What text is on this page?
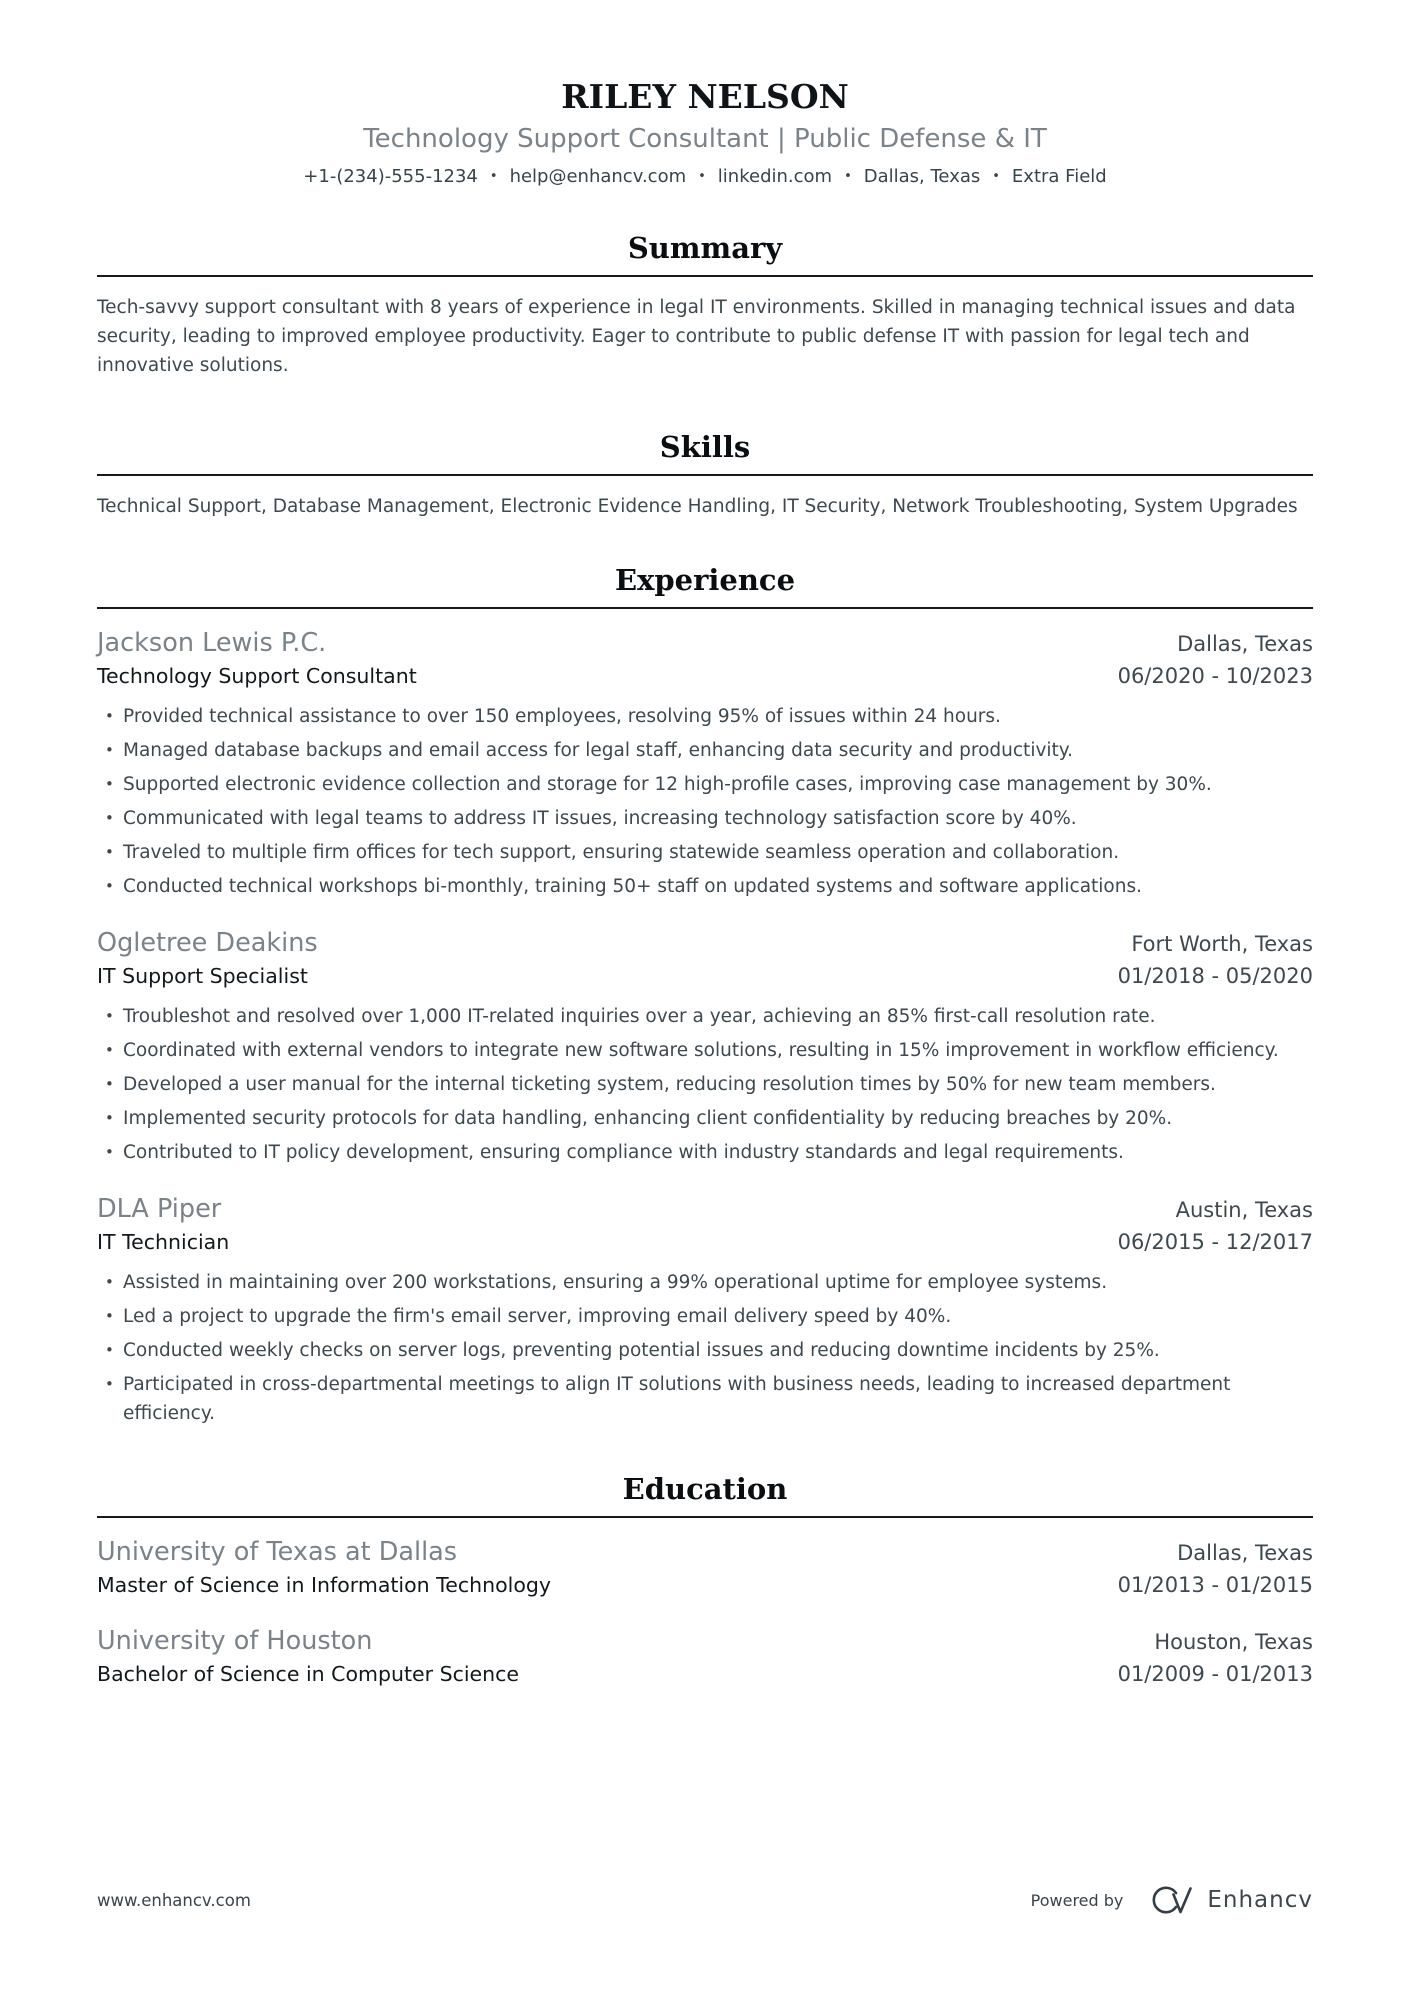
RILEY NELSON
Technology Support Consultant | Public Defense & IT
+1-(234)-555-1234 • help@enhancv.com • linkedin.com • Dallas, Texas • Extra Field
Summary
Tech-savvy support consultant with 8 years of experience in legal IT environments. Skilled in managing technical issues and data security, leading to improved employee productivity. Eager to contribute to public defense IT with passion for legal tech and innovative solutions.
Skills
Technical Support, Database Management, Electronic Evidence Handling, IT Security, Network Troubleshooting, System Upgrades
Experience
Jackson Lewis P.C.	Dallas, Texas
Technology Support Consultant	06/2020 - 10/2023
• Provided technical assistance to over 150 employees, resolving 95% of issues within 24 hours.
• Managed database backups and email access for legal staff, enhancing data security and productivity.
• Supported electronic evidence collection and storage for 12 high-profile cases, improving case management by 30%.
• Communicated with legal teams to address IT issues, increasing technology satisfaction score by 40%.
• Traveled to multiple firm offices for tech support, ensuring statewide seamless operation and collaboration.
• Conducted technical workshops bi-monthly, training 50+ staff on updated systems and software applications.
Ogletree Deakins	Fort Worth, Texas
IT Support Specialist	01/2018 - 05/2020
• Troubleshot and resolved over 1,000 IT-related inquiries over a year, achieving an 85% first-call resolution rate.
• Coordinated with external vendors to integrate new software solutions, resulting in 15% improvement in workflow efficiency.
• Developed a user manual for the internal ticketing system, reducing resolution times by 50% for new team members.
• Implemented security protocols for data handling, enhancing client confidentiality by reducing breaches by 20%.
• Contributed to IT policy development, ensuring compliance with industry standards and legal requirements.
DLA Piper	Austin, Texas
IT Technician	06/2015 - 12/2017
• Assisted in maintaining over 200 workstations, ensuring a 99% operational uptime for employee systems.
• Led a project to upgrade the firm's email server, improving email delivery speed by 40%.
• Conducted weekly checks on server logs, preventing potential issues and reducing downtime incidents by 25%.
• Participated in cross-departmental meetings to align IT solutions with business needs, leading to increased department efficiency.
Education
University of Texas at Dallas	Dallas, Texas
Master of Science in Information Technology	01/2013 - 01/2015
University of Houston	Houston, Texas
Bachelor of Science in Computer Science	01/2009 - 01/2013
www.enhancv.com	Powered by	Enhancv
